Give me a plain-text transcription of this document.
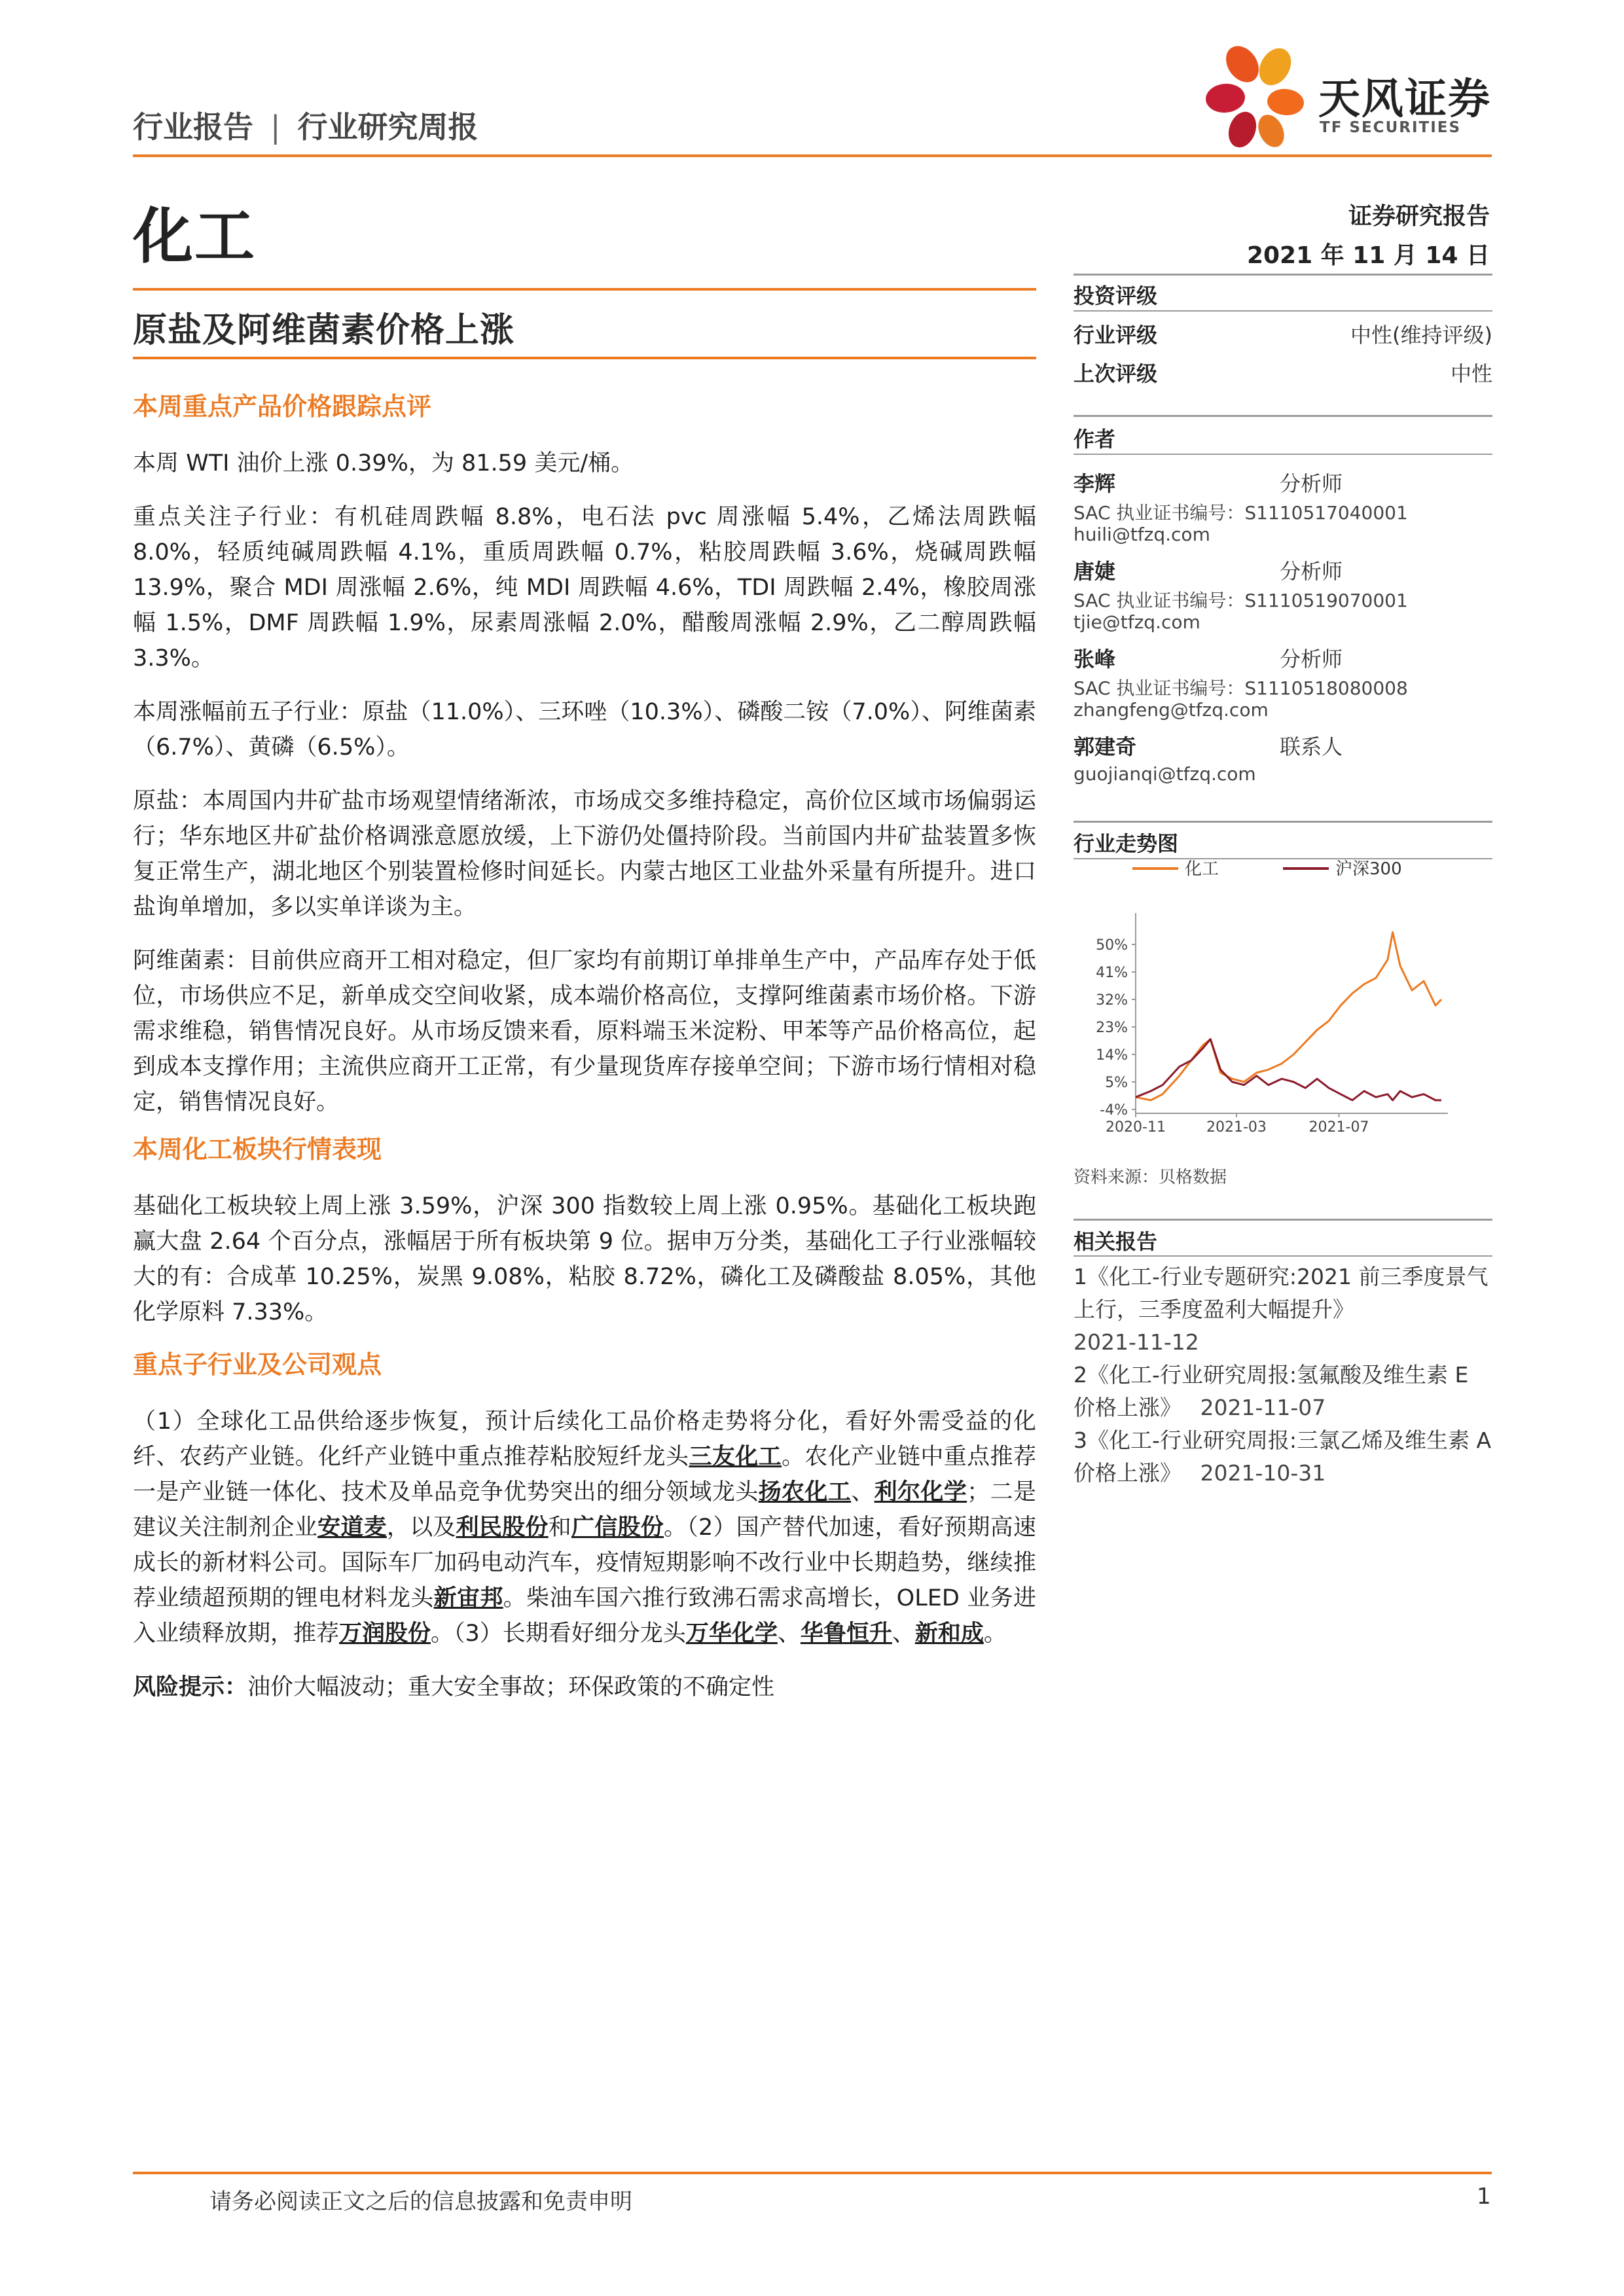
行业报告 | 行业研究周报
天风证券
TF SECURITIES
化工	证券研究报告
2021 年 11 月 14 日
原盐及阿维菌素价格上涨
本周重点产品价格跟踪点评
本周 WTI 油价上涨 0.39%，为 81.59 美元/桶。
重点关注子行业：有机硅周跌幅 8.8%，电石法 pvc 周涨幅 5.4%，乙烯法周跌幅 8.0%，轻质纯碱周跌幅 4.1%，重质周跌幅 0.7%，粘胶周跌幅 3.6%，烧碱周跌幅 13.9%，聚合 MDI 周涨幅 2.6%，纯 MDI 周跌幅 4.6%，TDI 周跌幅 2.4%，橡胶周涨幅 1.5%，DMF 周跌幅 1.9%，尿素周涨幅 2.0%，醋酸周涨幅 2.9%，乙二醇周跌幅 3.3%。
本周涨幅前五子行业：原盐（11.0%）、三环唑（10.3%）、磷酸二铵（7.0%）、阿维菌素（6.7%）、黄磷（6.5%）。
原盐：本周国内井矿盐市场观望情绪渐浓，市场成交多维持稳定，高价位区域市场偏弱运行；华东地区井矿盐价格调涨意愿放缓，上下游仍处僵持阶段。当前国内井矿盐装置多恢复正常生产，湖北地区个别装置检修时间延长。内蒙古地区工业盐外采量有所提升。进口盐询单增加，多以实单详谈为主。
阿维菌素：目前供应商开工相对稳定，但厂家均有前期订单排单生产中，产品库存处于低位，市场供应不足，新单成交空间收紧，成本端价格高位，支撑阿维菌素市场价格。下游需求维稳，销售情况良好。从市场反馈来看，原料端玉米淀粉、甲苯等产品价格高位，起到成本支撑作用；主流供应商开工正常，有少量现货库存接单空间；下游市场行情相对稳定，销售情况良好。
本周化工板块行情表现
基础化工板块较上周上涨 3.59%，沪深 300 指数较上周上涨 0.95%。基础化工板块跑赢大盘 2.64 个百分点，涨幅居于所有板块第 9 位。据申万分类，基础化工子行业涨幅较大的有：合成革 10.25%，炭黑 9.08%，粘胶 8.72%，磷化工及磷酸盐 8.05%，其他化学原料 7.33%。
重点子行业及公司观点
（1）全球化工品供给逐步恢复，预计后续化工品价格走势将分化，看好外需受益的化纤、农药产业链。化纤产业链中重点推荐粘胶短纤龙头三友化工。农化产业链中重点推荐一是产业链一体化、技术及单品竞争优势突出的细分领域龙头扬农化工、利尔化学；二是建议关注制剂企业安道麦，以及利民股份和广信股份。（2）国产替代加速，看好预期高速成长的新材料公司。国际车厂加码电动汽车，疫情短期影响不改行业中长期趋势，继续推荐业绩超预期的锂电材料龙头新宙邦。柴油车国六推行致沸石需求高增长，OLED 业务进入业绩释放期，推荐万润股份。（3）长期看好细分龙头万华化学、华鲁恒升、新和成。
风险提示：油价大幅波动；重大安全事故；环保政策的不确定性
投资评级
行业评级	中性(维持评级)
上次评级	中性
作者
李辉	分析师
SAC 执业证书编号：S1110517040001
huili@tfzq.com
唐婕	分析师
SAC 执业证书编号：S1110519070001
tjie@tfzq.com
张峰	分析师
SAC 执业证书编号：S1110518080008
zhangfeng@tfzq.com
郭建奇	联系人
guojianqi@tfzq.com
行业走势图
化工	沪深300
50%
41%
32%
23%
14%
5%
-4%
2020-11	2021-03	2021-07
资料来源：贝格数据
相关报告
1《化工-行业专题研究:2021 前三季度景气上行，三季度盈利大幅提升》
2021-11-12
2《化工-行业研究周报:氢氟酸及维生素 E 价格上涨》 2021-11-07
3《化工-行业研究周报:三氯乙烯及维生素 A 价格上涨》 2021-10-31
请务必阅读正文之后的信息披露和免责申明	1
